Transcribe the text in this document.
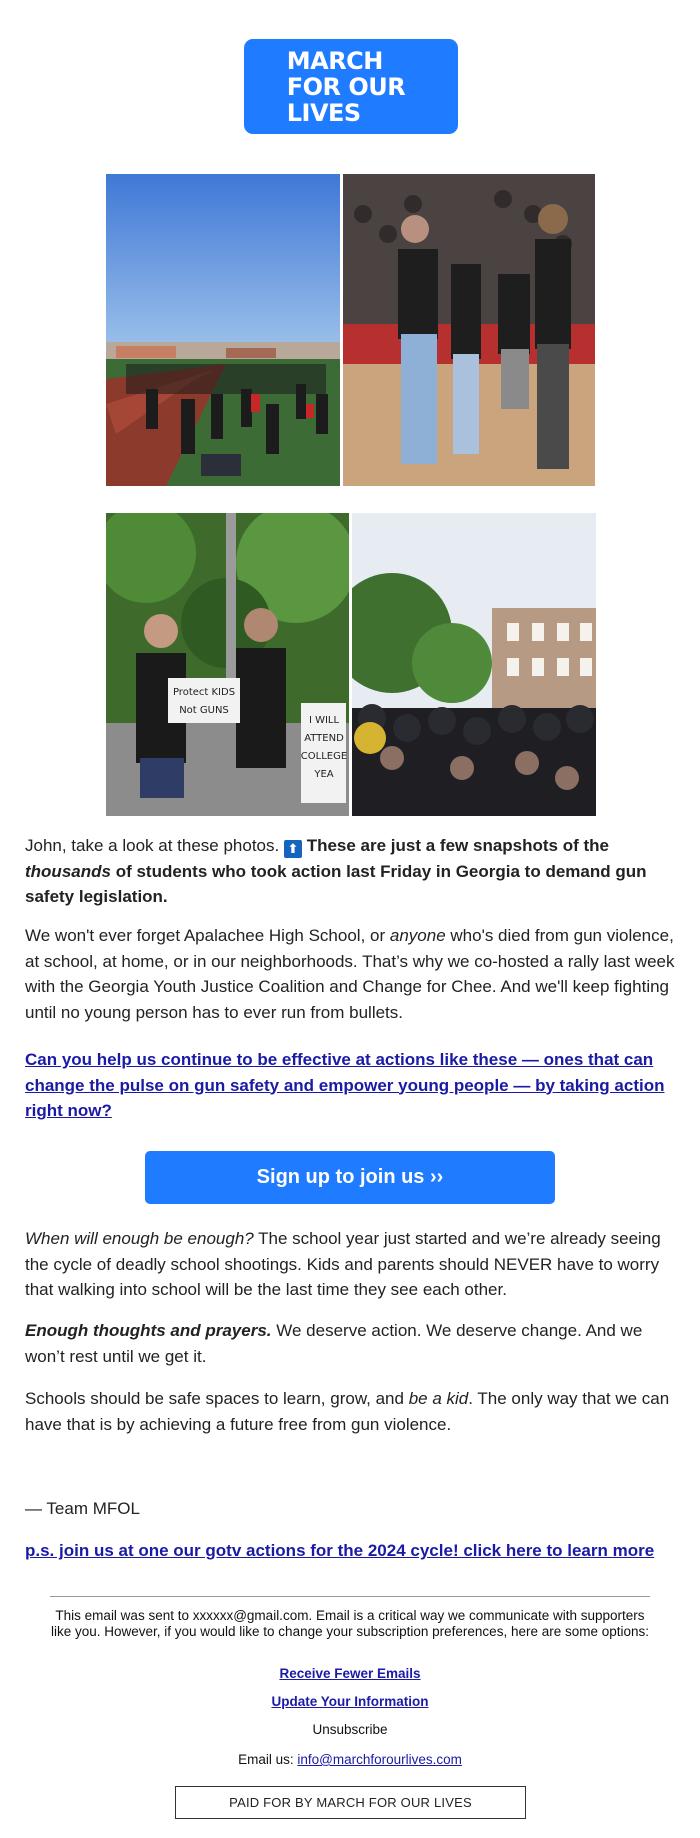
MARCH
FOR OUR
LIVES
Protect KIDS
Not GUNS
I WILL
ATTEND
COLLEGE
YEA

John, take a look at these photos. ⬆ These are just a few snapshots of the thousands of students who took action last Friday in Georgia to demand gun safety legislation.

We won't ever forget Apalachee High School, or anyone who's died from gun violence, at school, at home, or in our neighborhoods. That’s why we co-hosted a rally last week with the Georgia Youth Justice Coalition and Change for Chee. And we'll keep fighting until no young person has to ever run from bullets.

Can you help us continue to be effective at actions like these — ones that can change the pulse on gun safety and empower young people — by taking action right now?
Sign up to join us ››

When will enough be enough? The school year just started and we’re already seeing the cycle of deadly school shootings. Kids and parents should NEVER have to worry that walking into school will be the last time they see each other.

Enough thoughts and prayers. We deserve action. We deserve change. And we won’t rest until we get it.

Schools should be safe spaces to learn, grow, and be a kid. The only way that we can have that is by achieving a future free from gun violence.

— Team MFOL
p.s. join us at one our gotv actions for the 2024 cycle! click here to learn more
This email was sent to xxxxxx@gmail.com. Email is a critical way we communicate with supporters like you. However, if you would like to change your subscription preferences, here are some options:
Receive Fewer Emails
Update Your Information
Unsubscribe
Email us: info@marchforourlives.com
PAID FOR BY MARCH FOR OUR LIVES
